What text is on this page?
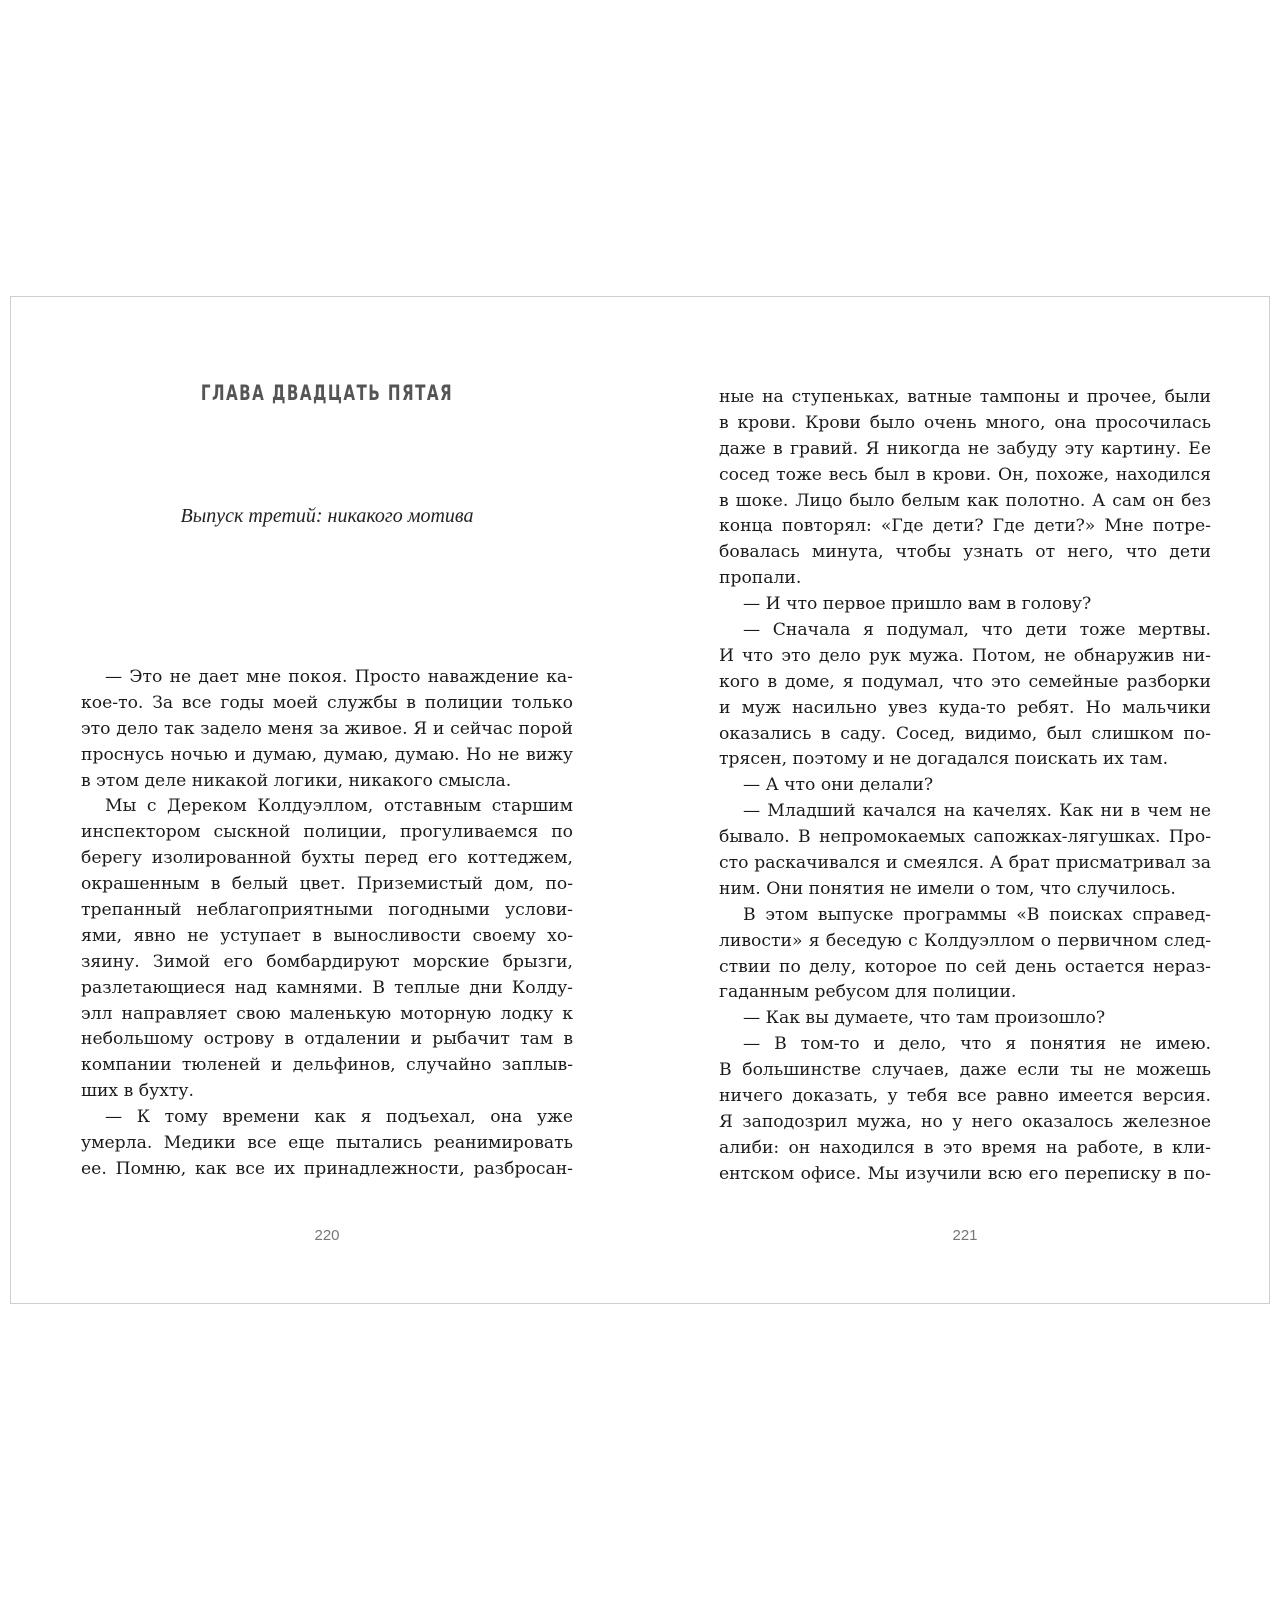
ГЛАВА ДВАДЦАТЬ ПЯТАЯ
Выпуск третий: никакого мотива
— Это не дает мне покоя. Просто наваждение ка-
кое-то. За все годы моей службы в полиции только
это дело так задело меня за живое. Я и сейчас порой
проснусь ночью и думаю, думаю, думаю. Но не вижу
в этом деле никакой логики, никакого смысла.
Мы с Дереком Колдуэллом, отставным старшим
инспектором сыскной полиции, прогуливаемся по
берегу изолированной бухты перед его коттеджем,
окрашенным в белый цвет. Приземистый дом, по-
трепанный неблагоприятными погодными услови-
ями, явно не уступает в выносливости своему хо-
зяину. Зимой его бомбардируют морские брызги,
разлетающиеся над камнями. В теплые дни Колду-
элл направляет свою маленькую моторную лодку к
небольшому острову в отдалении и рыбачит там в
компании тюленей и дельфинов, случайно заплыв-
ших в бухту.
— К тому времени как я подъехал, она уже
умерла. Медики все еще пытались реанимировать
ее. Помню, как все их принадлежности, разбросан-
220
ные на ступеньках, ватные тампоны и прочее, были
в крови. Крови было очень много, она просочилась
даже в гравий. Я никогда не забуду эту картину. Ее
сосед тоже весь был в крови. Он, похоже, находился
в шоке. Лицо было белым как полотно. А сам он без
конца повторял: «Где дети? Где дети?» Мне потре-
бовалась минута, чтобы узнать от него, что дети
пропали.
— И что первое пришло вам в голову?
— Сначала я подумал, что дети тоже мертвы.
И что это дело рук мужа. Потом, не обнаружив ни-
кого в доме, я подумал, что это семейные разборки
и муж насильно увез куда-то ребят. Но мальчики
оказались в саду. Сосед, видимо, был слишком по-
трясен, поэтому и не догадался поискать их там.
— А что они делали?
— Младший качался на качелях. Как ни в чем не
бывало. В непромокаемых сапожках-лягушках. Про-
сто раскачивался и смеялся. А брат присматривал за
ним. Они понятия не имели о том, что случилось.
В этом выпуске программы «В поисках справед-
ливости» я беседую с Колдуэллом о первичном след-
ствии по делу, которое по сей день остается нераз-
гаданным ребусом для полиции.
— Как вы думаете, что там произошло?
— В том-то и дело, что я понятия не имею.
В большинстве случаев, даже если ты не можешь
ничего доказать, у тебя все равно имеется версия.
Я заподозрил мужа, но у него оказалось железное
алиби: он находился в это время на работе, в кли-
ентском офисе. Мы изучили всю его переписку в по-
221
